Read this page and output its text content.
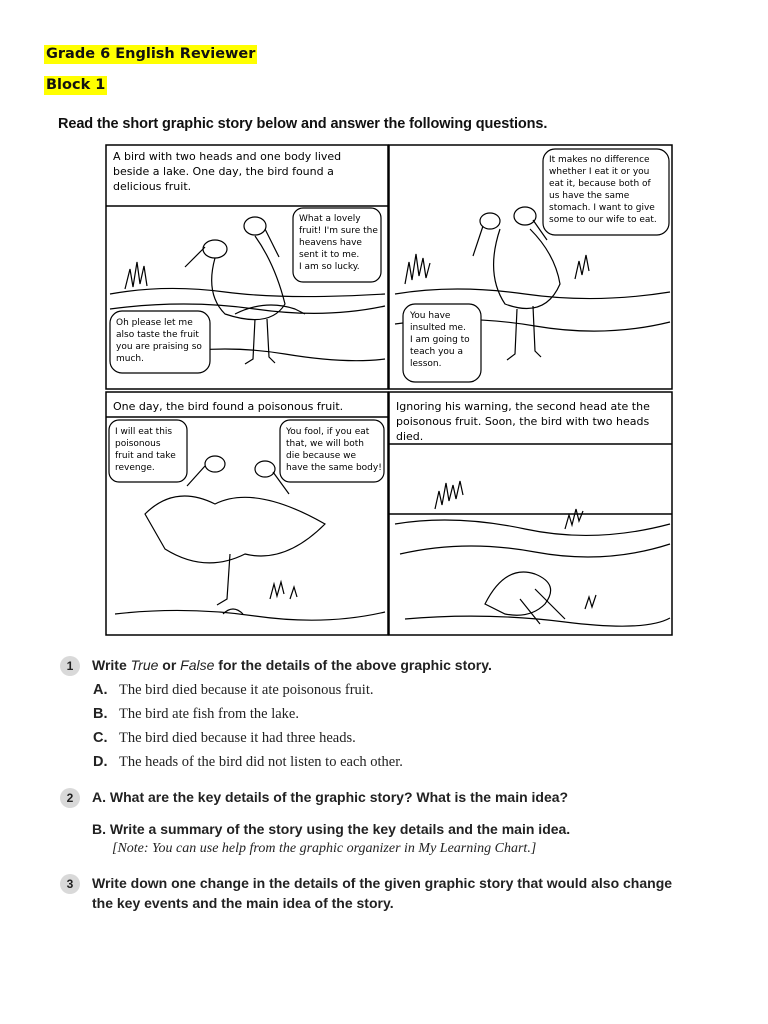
Grade 6 English Reviewer
Block 1
Read the short graphic story below and answer the following questions.
A bird with two heads and one body lived beside a lake. One day, the bird found a delicious fruit.
What a lovely fruit! I'm sure the heavens have sent it to me. I am so lucky.
Oh please let me also taste the fruit you are praising so much.
It makes no difference whether I eat it or you eat it, because both of us have the same stomach. I want to give some to our wife to eat.
You have insulted me. I am going to teach you a lesson.
One day, the bird found a poisonous fruit.
I will eat this poisonous fruit and take revenge.
You fool, if you eat that, we will both die because we have the same body!
Ignoring his warning, the second head ate the poisonous fruit. Soon, the bird with two heads died.
1	Write True or False for the details of the above graphic story.
A. The bird died because it ate poisonous fruit.
B. The bird ate fish from the lake.
C. The bird died because it had three heads.
D. The heads of the bird did not listen to each other.
2	A. What are the key details of the graphic story? What is the main idea?
B. Write a summary of the story using the key details and the main idea.
[Note: You can use help from the graphic organizer in My Learning Chart.]
3	Write down one change in the details of the given graphic story that would also change
the key events and the main idea of the story.
